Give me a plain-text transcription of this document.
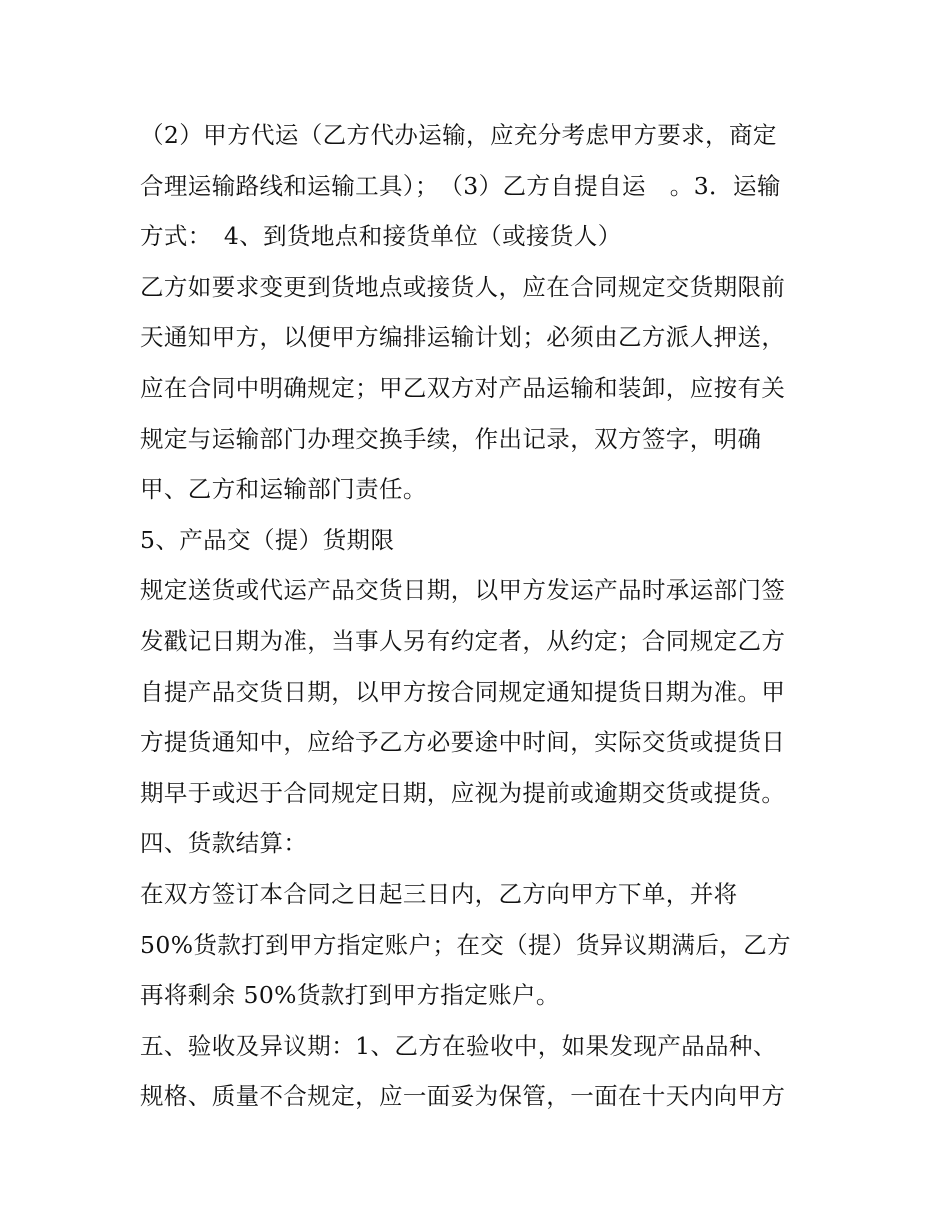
（2）甲方代运（乙方代办运输，应充分考虑甲方要求，商定
合理运输路线和运输工具）；　（3）乙方自提自运　。3．运输
方式：　4、到货地点和接货单位（或接货人）
乙方如要求变更到货地点或接货人，应在合同规定交货期限前
天通知甲方，以便甲方编排运输计划；必须由乙方派人押送，
应在合同中明确规定；甲乙双方对产品运输和装卸，应按有关
规定与运输部门办理交换手续，作出记录，双方签字，明确
甲、乙方和运输部门责任。
5、产品交（提）货期限
规定送货或代运产品交货日期，以甲方发运产品时承运部门签
发戳记日期为准，当事人另有约定者，从约定；合同规定乙方
自提产品交货日期，以甲方按合同规定通知提货日期为准。甲
方提货通知中，应给予乙方必要途中时间，实际交货或提货日
期早于或迟于合同规定日期，应视为提前或逾期交货或提货。
四、货款结算：
在双方签订本合同之日起三日内，乙方向甲方下单，并将
50%货款打到甲方指定账户；在交（提）货异议期满后，乙方
再将剩余 50%货款打到甲方指定账户。
五、验收及异议期：1、乙方在验收中，如果发现产品品种、
规格、质量不合规定，应一面妥为保管，一面在十天内向甲方
